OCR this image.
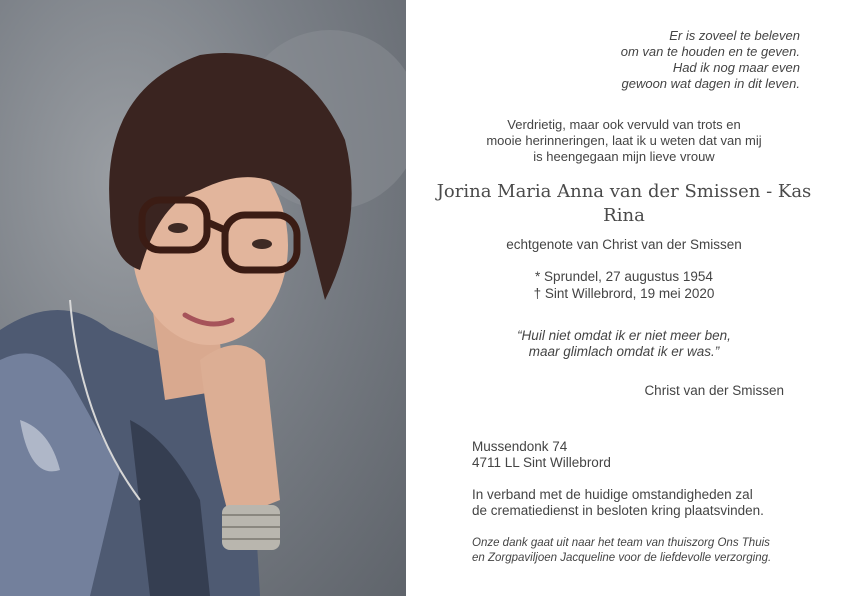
Er is zoveel te beleven
om van te houden en te geven.
Had ik nog maar even
gewoon wat dagen in dit leven.
Verdrietig, maar ook vervuld van trots en
mooie herinneringen, laat ik u weten dat van mij
is heengegaan mijn lieve vrouw
Jorina Maria Anna van der Smissen - Kas
Rina
echtgenote van Christ van der Smissen
* Sprundel, 27 augustus 1954
† Sint Willebrord, 19 mei 2020
“Huil niet omdat ik er niet meer ben,
maar glimlach omdat ik er was.”
Christ van der Smissen
Mussendonk 74
4711 LL Sint Willebrord
In verband met de huidige omstandigheden zal
de crematiedienst in besloten kring plaatsvinden.
Onze dank gaat uit naar het team van thuiszorg Ons Thuis
en Zorgpaviljoen Jacqueline voor de liefdevolle verzorging.
